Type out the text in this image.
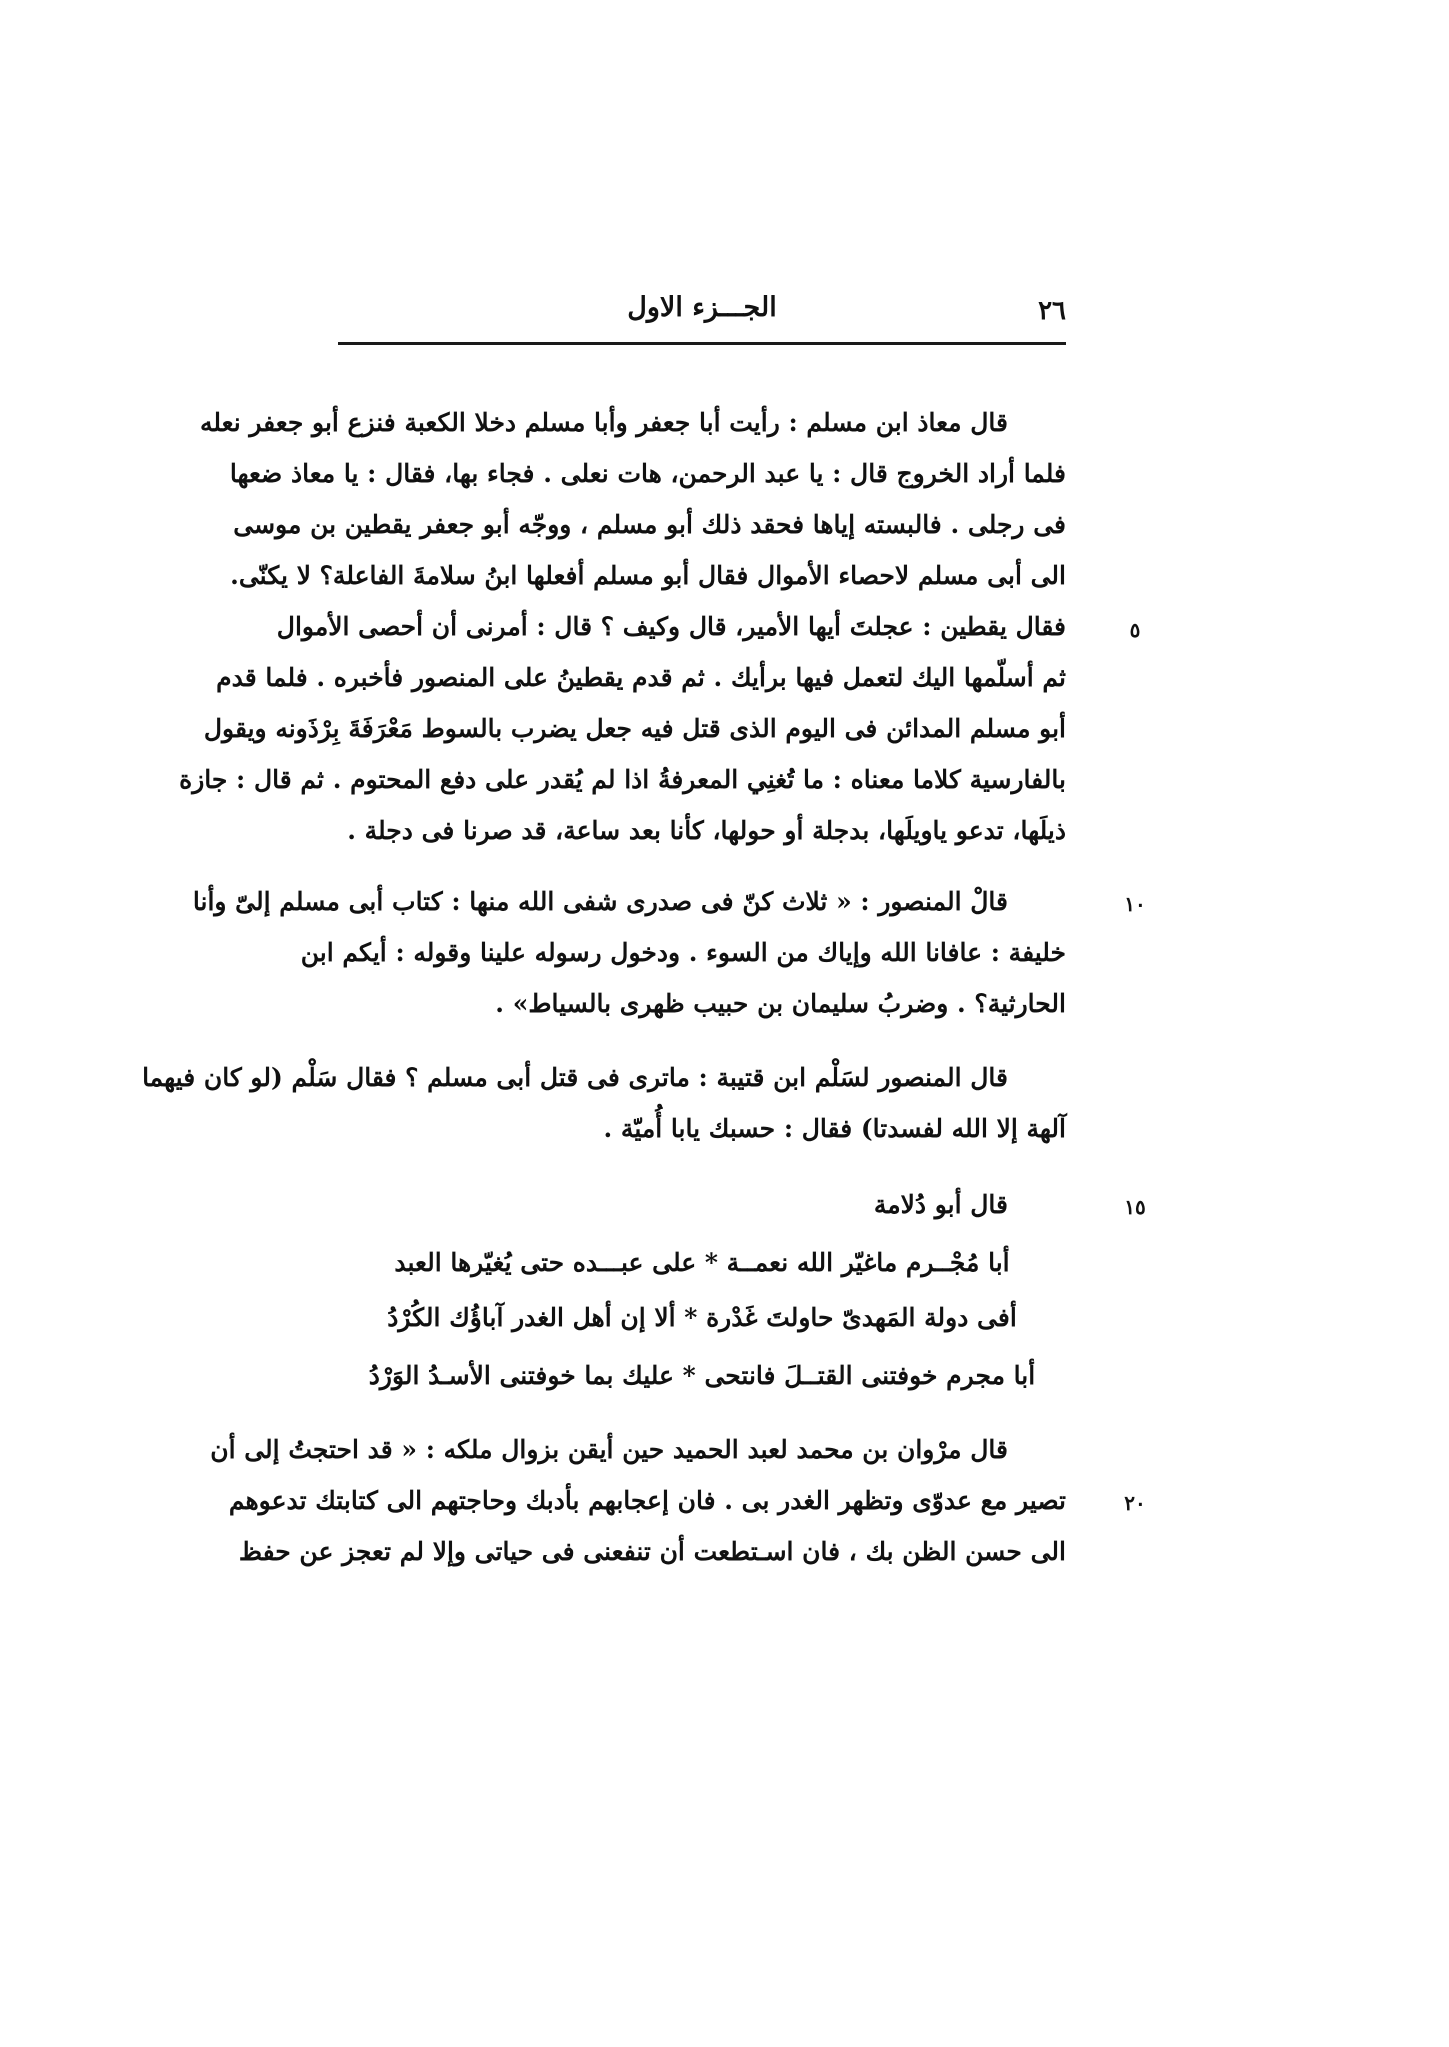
٢٦
الجـــزء الاول
قال معاذ ابن مسلم : رأيت أبا جعفر وأبا مسلم دخلا الكعبة فنزع أبو جعفر نعله
فلما أراد الخروج قال : يا عبد الرحمن، هات نعلى . فجاء بها، فقال : يا معاذ ضعها
فى رجلى . فالبسته إياها فحقد ذلك أبو مسلم ، ووجّه أبو جعفر يقطين بن موسى
الى أبى مسلم لاحصاء الأموال فقال أبو مسلم أفعلها ابنُ سلامةَ الفاعلة؟ لا يكنّى.
فقال يقطين : عجلتَ أيها الأمير، قال وكيف ؟ قال : أمرنى أن أحصى الأموال
ثم أسلّمها اليك لتعمل فيها برأيك . ثم قدم يقطينُ على المنصور فأخبره . فلما قدم
أبو مسلم المدائن فى اليوم الذى قتل فيه جعل يضرب بالسوط مَعْرَفَةَ بِرْذَونه ويقول
بالفارسية كلاما معناه : ما تُغنِي المعرفةُ اذا لم يُقدر على دفع المحتوم . ثم قال : جازة
ذيلَها، تدعو ياويلَها، بدجلة أو حولها، كأنا بعد ساعة، قد صرنا فى دجلة .
قالْ المنصور : « ثلاث كنّ فى صدرى شفى الله منها : كتاب أبى مسلم إلىّ وأنا
خليفة : عافانا الله وإياك من السوء . ودخول رسوله علينا وقوله : أيكم ابن
الحارثية؟ . وضربُ سليمان بن حبيب ظهرى بالسياط» .
قال المنصور لسَلْم ابن قتيبة : ماترى فى قتل أبى مسلم ؟ فقال سَلْم (لو كان فيهما
آلهة إلا الله لفسدتا) فقال : حسبك يابا أُميّة .
قال أبو دُلامة
أبا مُجْــرم ماغيّر الله نعمــة * على عبـــده حتى يُغيّرها العبد
أفى دولة المَهدىّ حاولتَ غَدْرة * ألا إن أهل الغدر آباؤُك الكُرْدُ
أبا مجرم خوفتنى القتــلَ فانتحى * عليك بما خوفتنى الأسـدُ الوَرْدُ
قال مرْوان بن محمد لعبد الحميد حين أيقن بزوال ملكه : « قد احتجتُ إلى أن
تصير مع عدوّى وتظهر الغدر بى . فان إعجابهم بأدبك وحاجتهم الى كتابتك تدعوهم
الى حسن الظن بك ، فان اسـتطعت أن تنفعنى فى حياتى وإلا لم تعجز عن حفظ
٥
١٠
١٥
٢٠
